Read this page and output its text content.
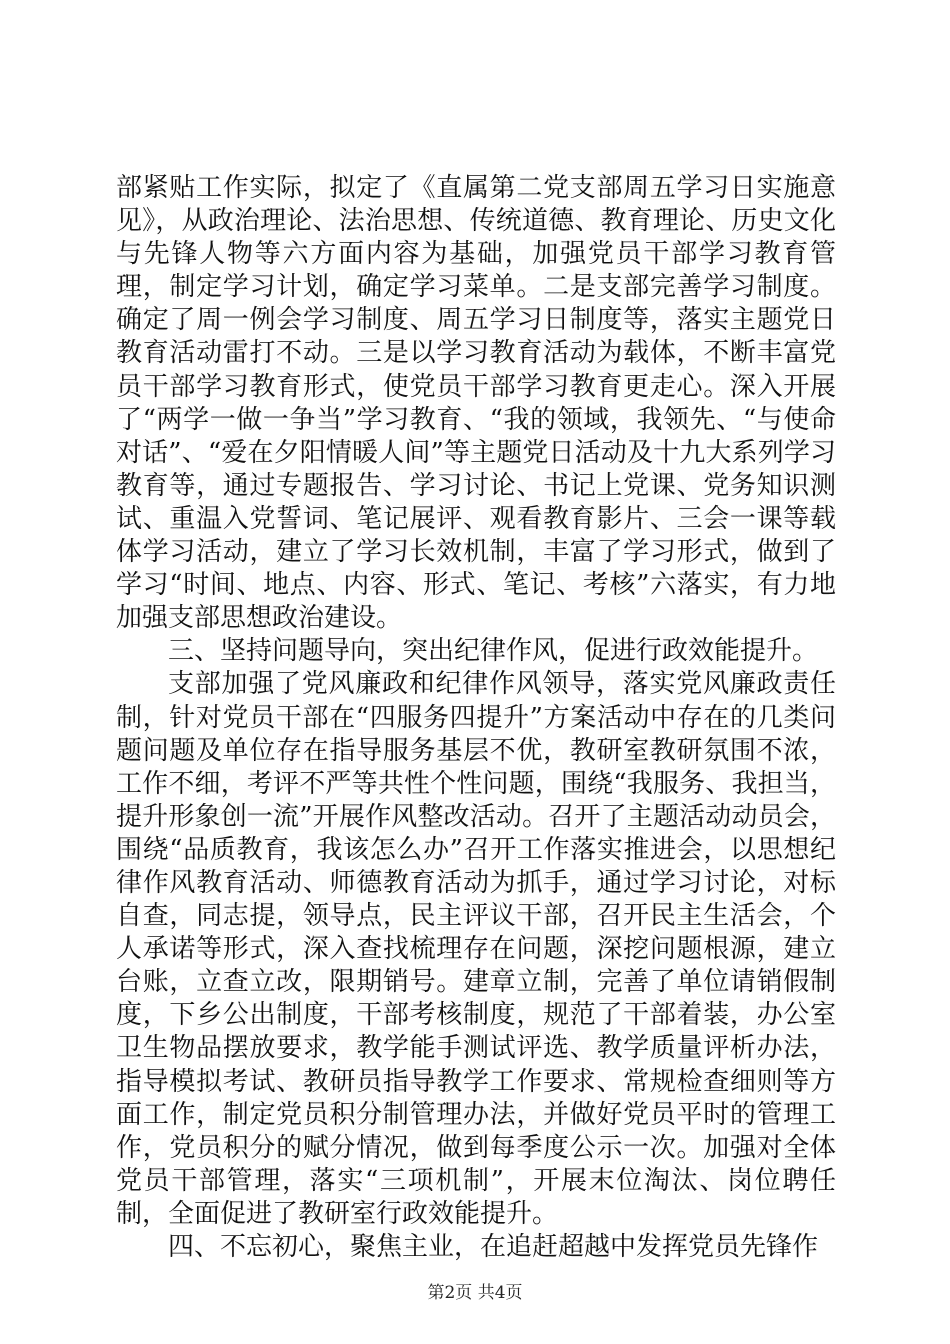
部紧贴工作实际，拟定了《直属第二党支部周五学习日实施意见》，从政治理论、法治思想、传统道德、教育理论、历史文化与先锋人物等六方面内容为基础，加强党员干部学习教育管理，制定学习计划，确定学习菜单。二是支部完善学习制度。确定了周一例会学习制度、周五学习日制度等，落实主题党日教育活动雷打不动。三是以学习教育活动为载体，不断丰富党员干部学习教育形式，使党员干部学习教育更走心。深入开展了“两学一做一争当”学习教育、“我的领域，我领先、“与使命对话”、“爱在夕阳情暖人间”等主题党日活动及十九大系列学习教育等，通过专题报告、学习讨论、书记上党课、党务知识测试、重温入党誓词、笔记展评、观看教育影片、三会一课等载体学习活动，建立了学习长效机制，丰富了学习形式，做到了学习“时间、地点、内容、形式、笔记、考核”六落实，有力地加强支部思想政治建设。

三、坚持问题导向，突出纪律作风，促进行政效能提升。

支部加强了党风廉政和纪律作风领导，落实党风廉政责任制，针对党员干部在“四服务四提升”方案活动中存在的几类问题问题及单位存在指导服务基层不优，教研室教研氛围不浓，工作不细，考评不严等共性个性问题，围绕“我服务、我担当，提升形象创一流”开展作风整改活动。召开了主题活动动员会，围绕“品质教育，我该怎么办”召开工作落实推进会，以思想纪律作风教育活动、师德教育活动为抓手，通过学习讨论，对标自查，同志提，领导点，民主评议干部，召开民主生活会，个人承诺等形式，深入查找梳理存在问题，深挖问题根源，建立台账，立查立改，限期销号。建章立制，完善了单位请销假制度，下乡公出制度，干部考核制度，规范了干部着装，办公室卫生物品摆放要求，教学能手测试评选、教学质量评析办法，指导模拟考试、教研员指导教学工作要求、常规检查细则等方面工作，制定党员积分制管理办法，并做好党员平时的管理工作，党员积分的赋分情况，做到每季度公示一次。加强对全体党员干部管理，落实“三项机制”，开展末位淘汰、岗位聘任制，全面促进了教研室行政效能提升。

四、不忘初心，聚焦主业，在追赶超越中发挥党员先锋作

第2页 共4页
